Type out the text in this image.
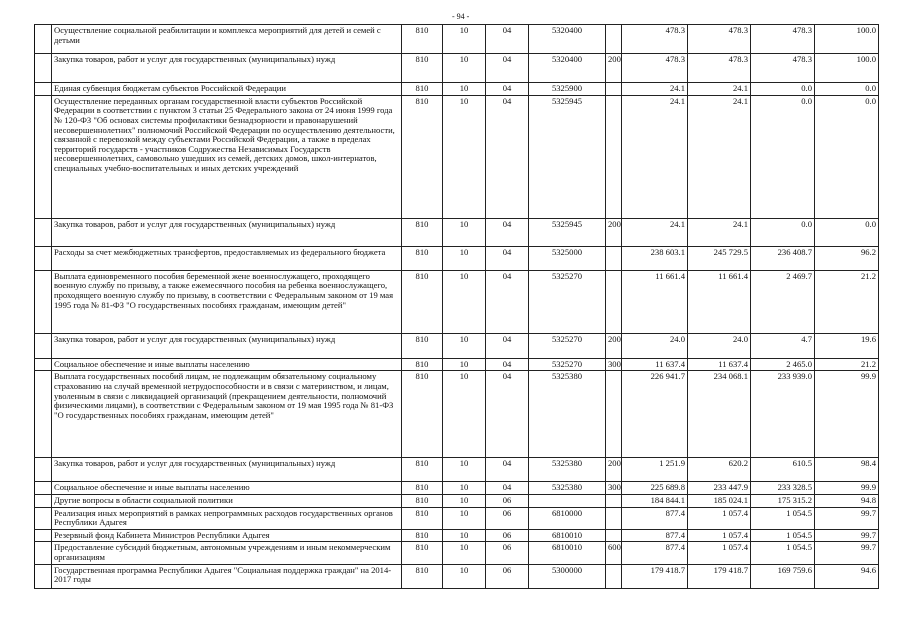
- 94 -
	Осуществление социальной реабилитации и комплекса мероприятий для детей и семей с детьми	810	10	04	5320400		478.3	478.3	478.3	100.0
	Закупка товаров, работ и услуг для государственных (муниципальных) нужд	810	10	04	5320400	200	478.3	478.3	478.3	100.0
	Единая субвенция бюджетам субъектов Российской Федерации	810	10	04	5325900		24.1	24.1	0.0	0.0
	Осуществление переданных органам государственной власти субъектов Российской Федерации в соответствии с пунктом 3 статьи 25 Федерального закона от 24 июня 1999 года № 120-ФЗ "Об основах системы профилактики безнадзорности и правонарушений несовершеннолетних" полномочий Российской Федерации по осуществлению деятельности, связанной с перевозкой между субъектами Российской Федерации, а также в пределах территорий государств - участников Содружества Независимых Государств несовершеннолетних, самовольно ушедших из семей, детских домов, школ-интернатов, специальных учебно-воспитательных и иных детских учреждений	810	10	04	5325945		24.1	24.1	0.0	0.0
	Закупка товаров, работ и услуг для государственных (муниципальных) нужд	810	10	04	5325945	200	24.1	24.1	0.0	0.0
	Расходы за счет межбюджетных трансфертов, предоставляемых из федерального бюджета	810	10	04	5325000		238 603.1	245 729.5	236 408.7	96.2
	Выплата единовременного пособия беременной жене военнослужащего, проходящего военную службу по призыву, а также ежемесячного пособия на ребенка военнослужащего, проходящего военную службу по призыву, в соответствии с Федеральным законом от 19 мая 1995 года № 81-ФЗ "О государственных пособиях гражданам, имеющим детей"	810	10	04	5325270		11 661.4	11 661.4	2 469.7	21.2
	Закупка товаров, работ и услуг для государственных (муниципальных) нужд	810	10	04	5325270	200	24.0	24.0	4.7	19.6
	Социальное обеспечение и иные выплаты населению	810	10	04	5325270	300	11 637.4	11 637.4	2 465.0	21.2
	Выплата государственных пособий лицам, не подлежащим обязательному социальному страхованию на случай временной нетрудоспособности и в связи с материнством, и лицам, уволенным в связи с ликвидацией организаций (прекращением деятельности, полномочий физическими лицами), в соответствии с Федеральным законом от 19 мая 1995 года № 81-ФЗ "О государственных пособиях гражданам, имеющим детей"	810	10	04	5325380		226 941.7	234 068.1	233 939.0	99.9
	Закупка товаров, работ и услуг для государственных (муниципальных) нужд	810	10	04	5325380	200	1 251.9	620.2	610.5	98.4
	Социальное обеспечение и иные выплаты населению	810	10	04	5325380	300	225 689.8	233 447.9	233 328.5	99.9
	Другие вопросы в области социальной политики	810	10	06			184 844.1	185 024.1	175 315.2	94.8
	Реализация иных мероприятий в рамках непрограммных расходов государственных органов Республики Адыгея	810	10	06	6810000		877.4	1 057.4	1 054.5	99.7
	Резервный фонд Кабинета Министров Республики Адыгея	810	10	06	6810010		877.4	1 057.4	1 054.5	99.7
	Предоставление субсидий бюджетным, автономным учреждениям и иным некоммерческим организациям	810	10	06	6810010	600	877.4	1 057.4	1 054.5	99.7
	Государственная программа Республики Адыгея "Социальная поддержка граждан" на 2014-2017 годы	810	10	06	5300000		179 418.7	179 418.7	169 759.6	94.6
